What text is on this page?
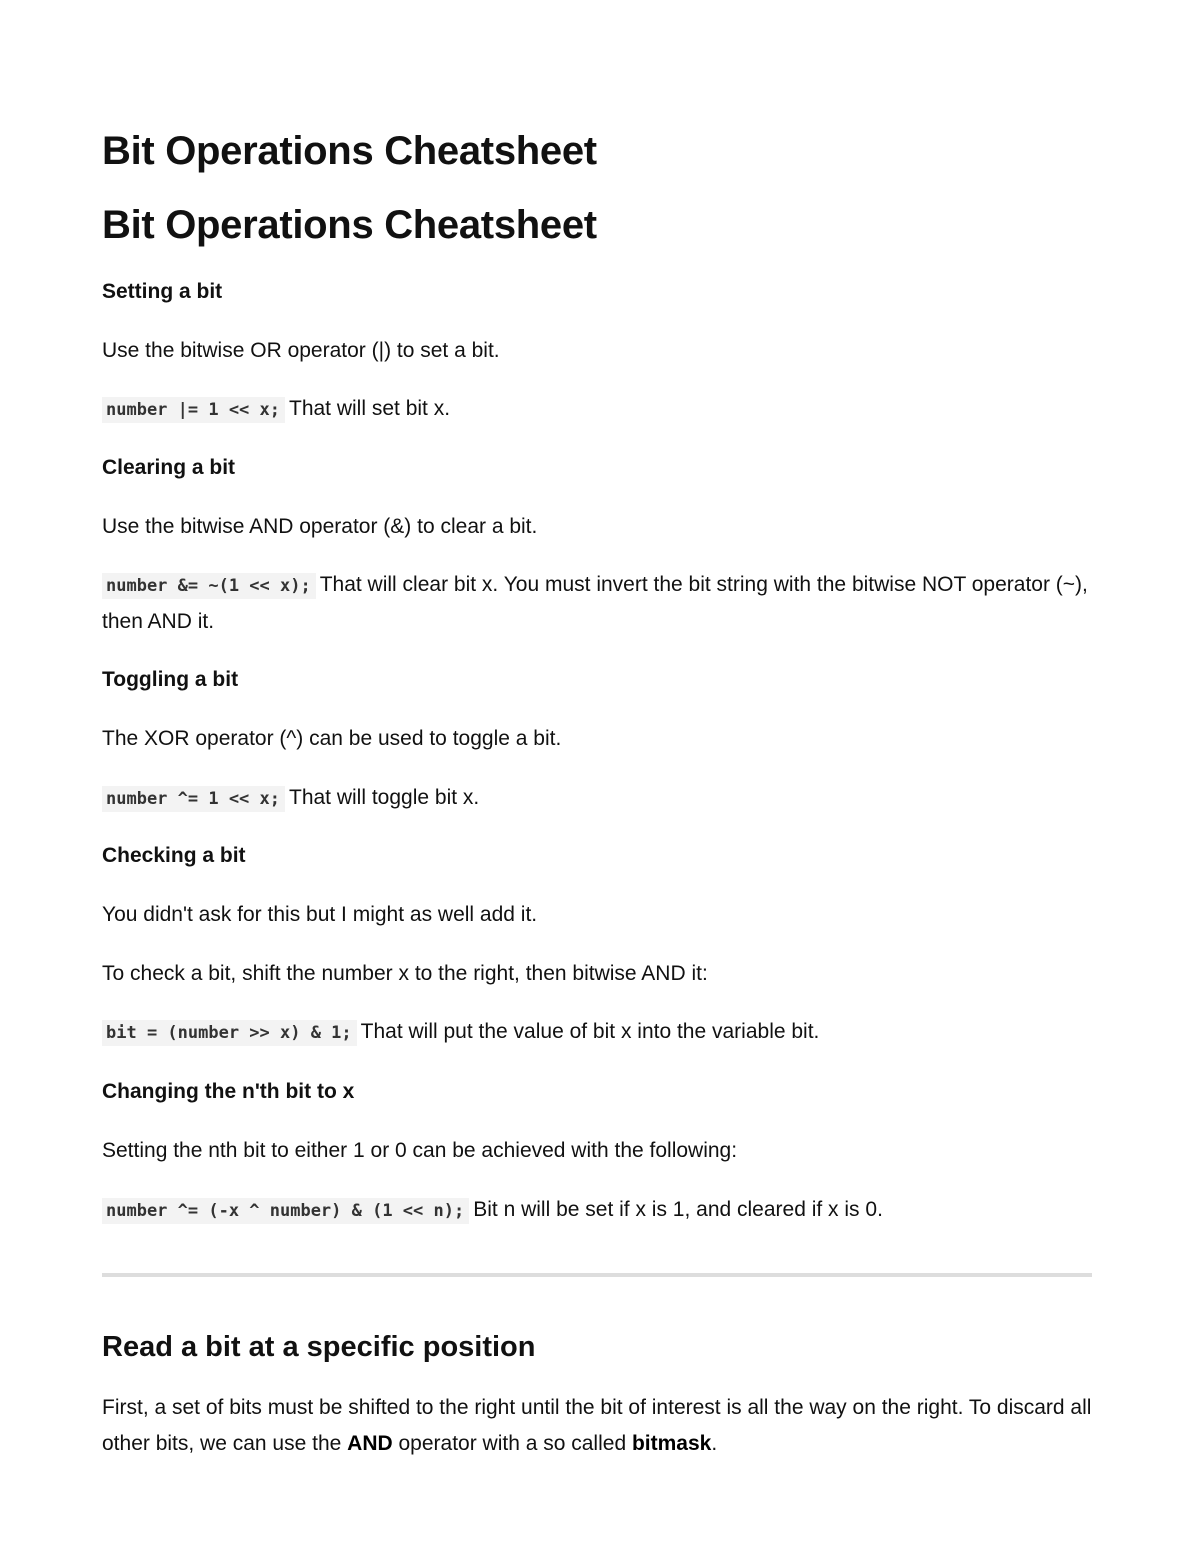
Bit Operations Cheatsheet
Bit Operations Cheatsheet
Setting a bit

Use the bitwise OR operator (|) to set a bit.

number |= 1 << x; That will set bit x.

Clearing a bit

Use the bitwise AND operator (&) to clear a bit.

number &= ~(1 << x); That will clear bit x. You must invert the bit string with the bitwise NOT operator (~), then AND it.

Toggling a bit

The XOR operator (^) can be used to toggle a bit.

number ^= 1 << x; That will toggle bit x.

Checking a bit

You didn't ask for this but I might as well add it.

To check a bit, shift the number x to the right, then bitwise AND it:

bit = (number >> x) & 1; That will put the value of bit x into the variable bit.

Changing the n'th bit to x

Setting the nth bit to either 1 or 0 can be achieved with the following:

number ^= (-x ^ number) & (1 << n); Bit n will be set if x is 1, and cleared if x is 0.

Read a bit at a specific position

First, a set of bits must be shifted to the right until the bit of interest is all the way on the right. To discard all other bits, we can use the AND operator with a so called bitmask.
